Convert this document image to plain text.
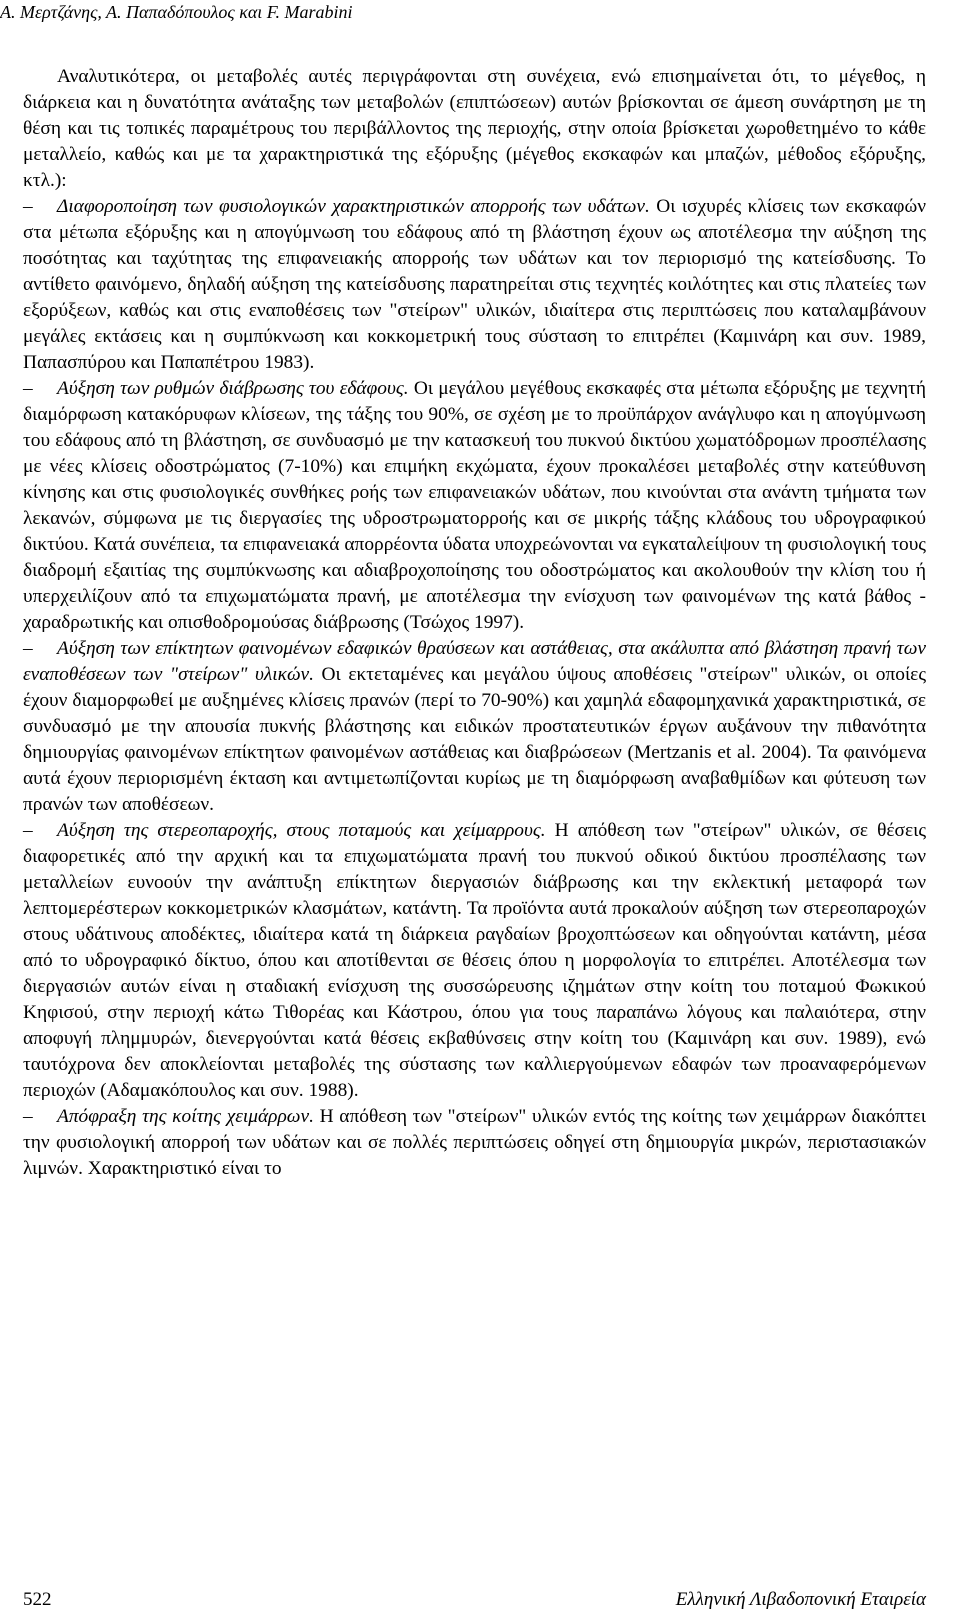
Α. Μερτζάνης, Α. Παπαδόπουλος και F. Marabini

Αναλυτικότερα, οι μεταβολές αυτές περιγράφονται στη συνέχεια, ενώ επισημαίνεται ότι, το μέγεθος, η διάρκεια και η δυνατότητα ανάταξης των μεταβολών (επιπτώσεων) αυτών βρίσκονται σε άμεση συνάρτηση με τη θέση και τις τοπικές παραμέτρους του περιβάλλοντος της περιοχής, στην οποία βρίσκεται χωροθετημένο το κάθε μεταλλείο, καθώς και με τα χαρακτηριστικά της εξόρυξης (μέγεθος εκσκαφών και μπαζών, μέθοδος εξόρυξης, κτλ.):

– Διαφοροποίηση των φυσιολογικών χαρακτηριστικών απορροής των υδάτων. Οι ισχυρές κλίσεις των εκσκαφών στα μέτωπα εξόρυξης και η απογύμνωση του εδάφους από τη βλάστηση έχουν ως αποτέλεσμα την αύξηση της ποσότητας και ταχύτητας της επιφανειακής απορροής των υδάτων και τον περιορισμό της κατείσδυσης. Το αντίθετο φαινόμενο, δηλαδή αύξηση της κατείσδυσης παρατηρείται στις τεχνητές κοιλότητες και στις πλατείες των εξορύξεων, καθώς και στις εναποθέσεις των "στείρων" υλικών, ιδιαίτερα στις περιπτώσεις που καταλαμβάνουν μεγάλες εκτάσεις και η συμπύκνωση και κοκκομετρική τους σύσταση το επιτρέπει (Καμινάρη και συν. 1989, Παπασπύρου και Παπαπέτρου 1983).

– Αύξηση των ρυθμών διάβρωσης του εδάφους. Οι μεγάλου μεγέθους εκσκαφές στα μέτωπα εξόρυξης με τεχνητή διαμόρφωση κατακόρυφων κλίσεων, της τάξης του 90%, σε σχέση με το προϋπάρχον ανάγλυφο και η απογύμνωση του εδάφους από τη βλάστηση, σε συνδυασμό με την κατασκευή του πυκνού δικτύου χωματόδρομων προσπέλασης με νέες κλίσεις οδοστρώματος (7-10%) και επιμήκη εκχώματα, έχουν προκαλέσει μεταβολές στην κατεύθυνση κίνησης και στις φυσιολογικές συνθήκες ροής των επιφανειακών υδάτων, που κινούνται στα ανάντη τμήματα των λεκανών, σύμφωνα με τις διεργασίες της υδροστρωματορροής και σε μικρής τάξης κλάδους του υδρογραφικού δικτύου. Κατά συνέπεια, τα επιφανειακά απορρέοντα ύδατα υποχρεώνονται να εγκαταλείψουν τη φυσιολογική τους διαδρομή εξαιτίας της συμπύκνωσης και αδιαβροχοποίησης του οδοστρώματος και ακολουθούν την κλίση του ή υπερχειλίζουν από τα επιχωματώματα πρανή, με αποτέλεσμα την ενίσχυση των φαινομένων της κατά βάθος - χαραδρωτικής και οπισθοδρομούσας διάβρωσης (Τσώχος 1997).

– Αύξηση των επίκτητων φαινομένων εδαφικών θραύσεων και αστάθειας, στα ακάλυπτα από βλάστηση πρανή των εναποθέσεων των "στείρων" υλικών. Οι εκτεταμένες και μεγάλου ύψους αποθέσεις "στείρων" υλικών, οι οποίες έχουν διαμορφωθεί με αυξημένες κλίσεις πρανών (περί το 70-90%) και χαμηλά εδαφομηχανικά χαρακτηριστικά, σε συνδυασμό με την απουσία πυκνής βλάστησης και ειδικών προστατευτικών έργων αυξάνουν την πιθανότητα δημιουργίας φαινομένων επίκτητων φαινομένων αστάθειας και διαβρώσεων (Mertzanis et al. 2004). Τα φαινόμενα αυτά έχουν περιορισμένη έκταση και αντιμετωπίζονται κυρίως με τη διαμόρφωση αναβαθμίδων και φύτευση των πρανών των αποθέσεων.

– Αύξηση της στερεοπαροχής, στους ποταμούς και χείμαρρους. Η απόθεση των "στείρων" υλικών, σε θέσεις διαφορετικές από την αρχική και τα επιχωματώματα πρανή του πυκνού οδικού δικτύου προσπέλασης των μεταλλείων ευνοούν την ανάπτυξη επίκτητων διεργασιών διάβρωσης και την εκλεκτική μεταφορά των λεπτομερέστερων κοκκομετρικών κλασμάτων, κατάντη. Τα προϊόντα αυτά προκαλούν αύξηση των στερεοπαροχών στους υδάτινους αποδέκτες, ιδιαίτερα κατά τη διάρκεια ραγδαίων βροχοπτώσεων και οδηγούνται κατάντη, μέσα από το υδρογραφικό δίκτυο, όπου και αποτίθενται σε θέσεις όπου η μορφολογία το επιτρέπει. Αποτέλεσμα των διεργασιών αυτών είναι η σταδιακή ενίσχυση της συσσώρευσης ιζημάτων στην κοίτη του ποταμού Φωκικού Κηφισού, στην περιοχή κάτω Τιθορέας και Κάστρου, όπου για τους παραπάνω λόγους και παλαιότερα, στην αποφυγή πλημμυρών, διενεργούνται κατά θέσεις εκβαθύνσεις στην κοίτη του (Καμινάρη και συν. 1989), ενώ ταυτόχρονα δεν αποκλείονται μεταβολές της σύστασης των καλλιεργούμενων εδαφών των προαναφερόμενων περιοχών (Αδαμακόπουλος και συν. 1988).

– Απόφραξη της κοίτης χειμάρρων. Η απόθεση των "στείρων" υλικών εντός της κοίτης των χειμάρρων διακόπτει την φυσιολογική απορροή των υδάτων και σε πολλές περιπτώσεις οδηγεί στη δημιουργία μικρών, περιστασιακών λιμνών. Χαρακτηριστικό είναι το

522	Ελληνική Λιβαδοπονική Εταιρεία
